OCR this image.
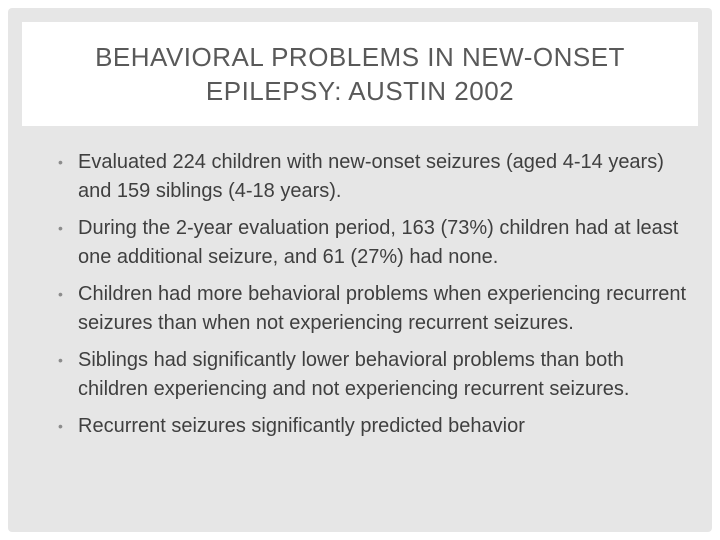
BEHAVIORAL PROBLEMS IN NEW-ONSET
EPILEPSY: AUSTIN 2002
• Evaluated 224 children with new-onset seizures (aged 4-14 years) and 159 siblings (4-18 years).
• During the 2-year evaluation period, 163 (73%) children had at least one additional seizure, and 61 (27%) had none.
• Children had more behavioral problems when experiencing recurrent seizures than when not experiencing recurrent seizures.
• Siblings had significantly lower behavioral problems than both children experiencing and not experiencing recurrent seizures.
• Recurrent seizures significantly predicted behavior
